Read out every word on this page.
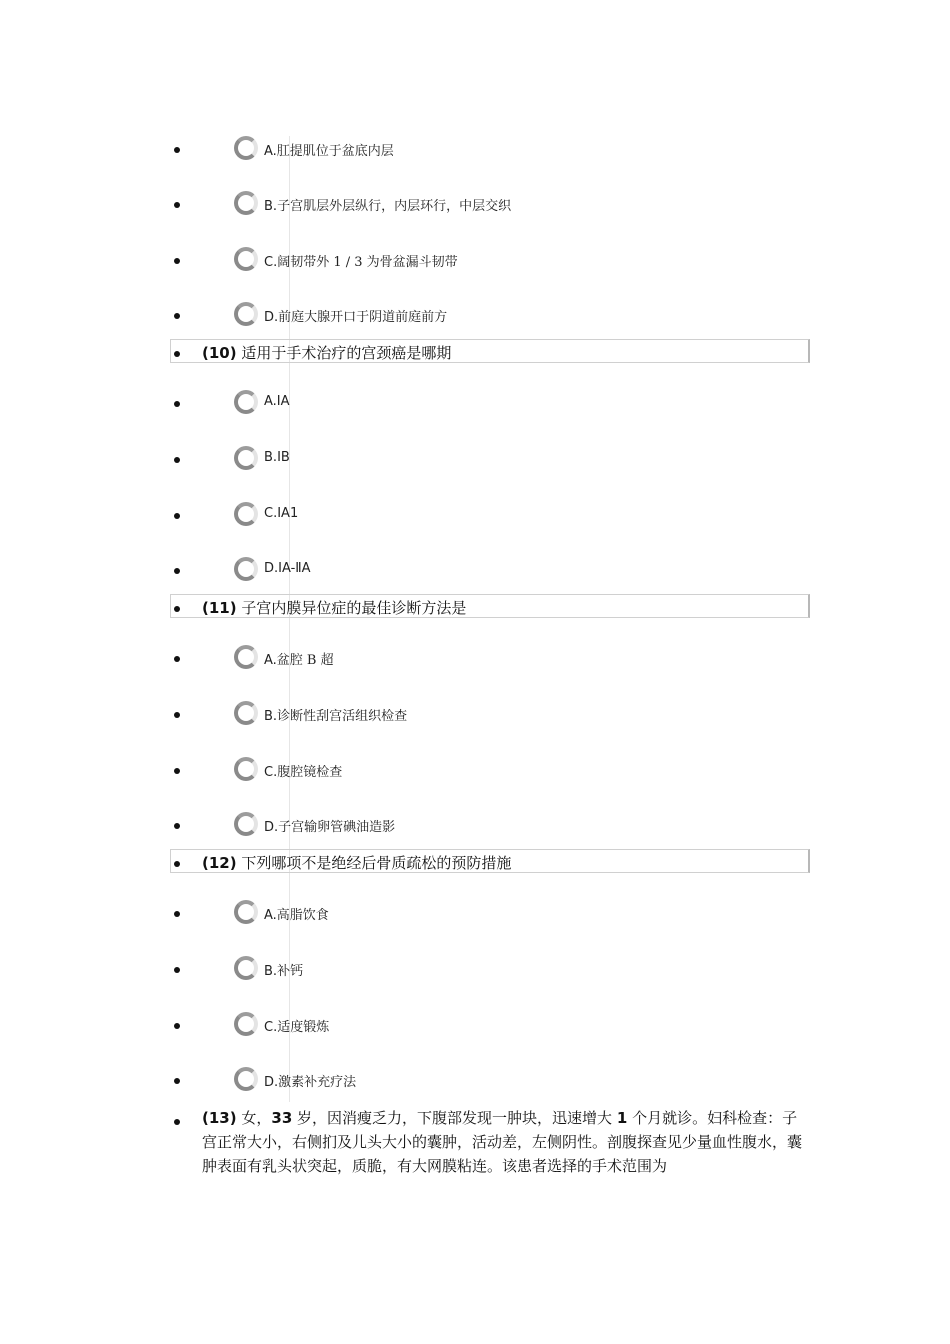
A.肛提肌位于盆底内层
B.子宫肌层外层纵行，内层环行，中层交织
C.阔韧带外 1 / 3 为骨盆漏斗韧带
D.前庭大腺开口于阴道前庭前方
(10) 适用于手术治疗的宫颈癌是哪期
A.ⅠA
B.ⅠB
C.ⅠA1
D.ⅠA-ⅡA
(11) 子宫内膜异位症的最佳诊断方法是
A.盆腔 B 超
B.诊断性刮宫活组织检查
C.腹腔镜检查
D.子宫输卵管碘油造影
(12) 下列哪项不是绝经后骨质疏松的预防措施
A.高脂饮食
B.补钙
C.适度锻炼
D.激素补充疗法
(13) 女，33 岁，因消瘦乏力，下腹部发现一肿块，迅速增大 1 个月就诊。妇科检查：子宫正常大小，右侧扪及儿头大小的囊肿，活动差，左侧阴性。剖腹探查见少量血性腹水，囊肿表面有乳头状突起，质脆，有大网膜粘连。该患者选择的手术范围为
